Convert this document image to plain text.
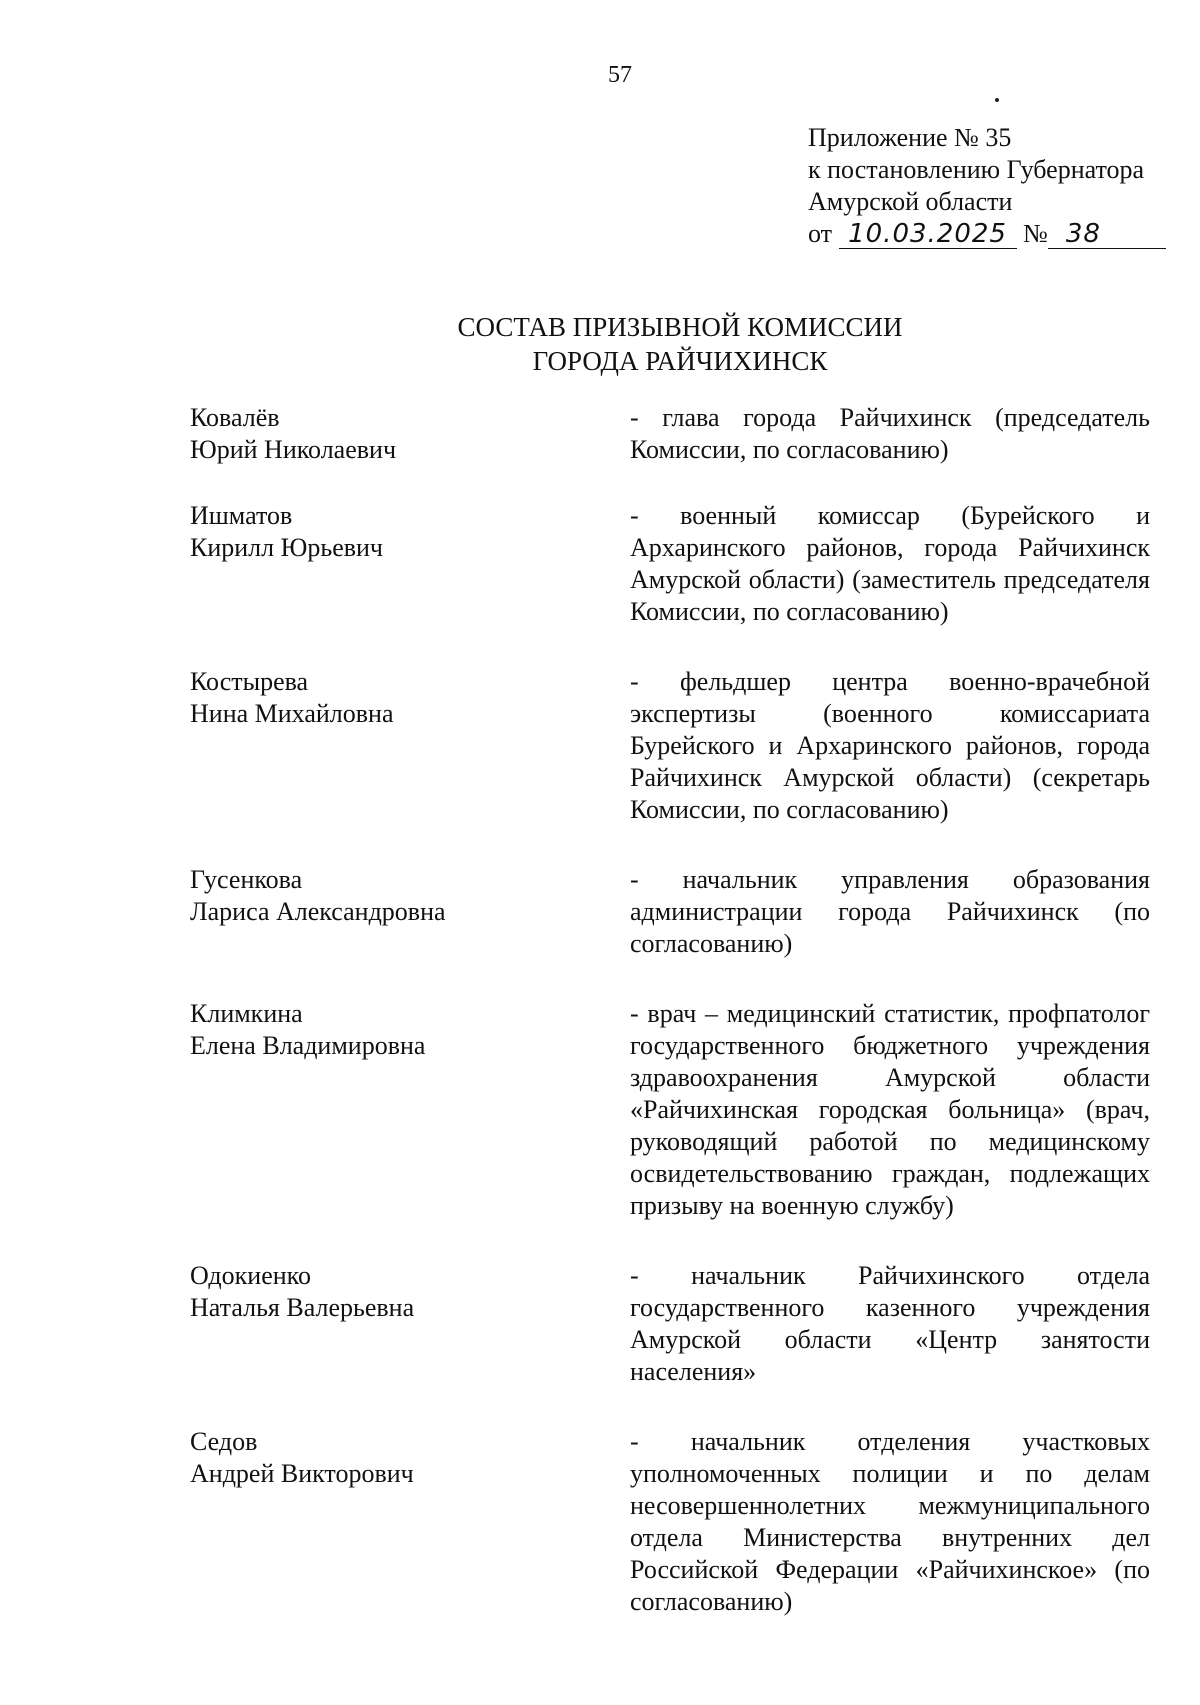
57
Приложение № 35
к постановлению Губернатора
Амурской области
от 10.03.2025 № 38
СОСТАВ ПРИЗЫВНОЙ КОМИССИИ
ГОРОДА РАЙЧИХИНСК
Ковалёв
Юрий Николаевич
- глава города Райчихинск (председатель Комиссии, по согласованию)
Ишматов
Кирилл Юрьевич
- военный комиссар (Бурейского и Архаринского районов, города Райчихинск Амурской области) (заместитель председателя Комиссии, по согласованию)
Костырева
Нина Михайловна
- фельдшер центра военно-врачебной экспертизы (военного комиссариата Бурейского и Архаринского районов, города Райчихинск Амурской области) (секретарь Комиссии, по согласованию)
Гусенкова
Лариса Александровна
- начальник управления образования администрации города Райчихинск (по согласованию)
Климкина
Елена Владимировна
- врач – медицинский статистик, профпатолог государственного бюджетного учреждения здравоохранения Амурской области «Райчихинская городская больница» (врач, руководящий работой по медицинскому освидетельствованию граждан, подлежащих призыву на военную службу)
Одокиенко
Наталья Валерьевна
- начальник Райчихинского отдела государственного казенного учреждения Амурской области «Центр занятости населения»
Седов
Андрей Викторович
- начальник отделения участковых уполномоченных полиции и по делам несовершеннолетних межмуниципального отдела Министерства внутренних дел Российской Федерации «Райчихинское» (по согласованию)
